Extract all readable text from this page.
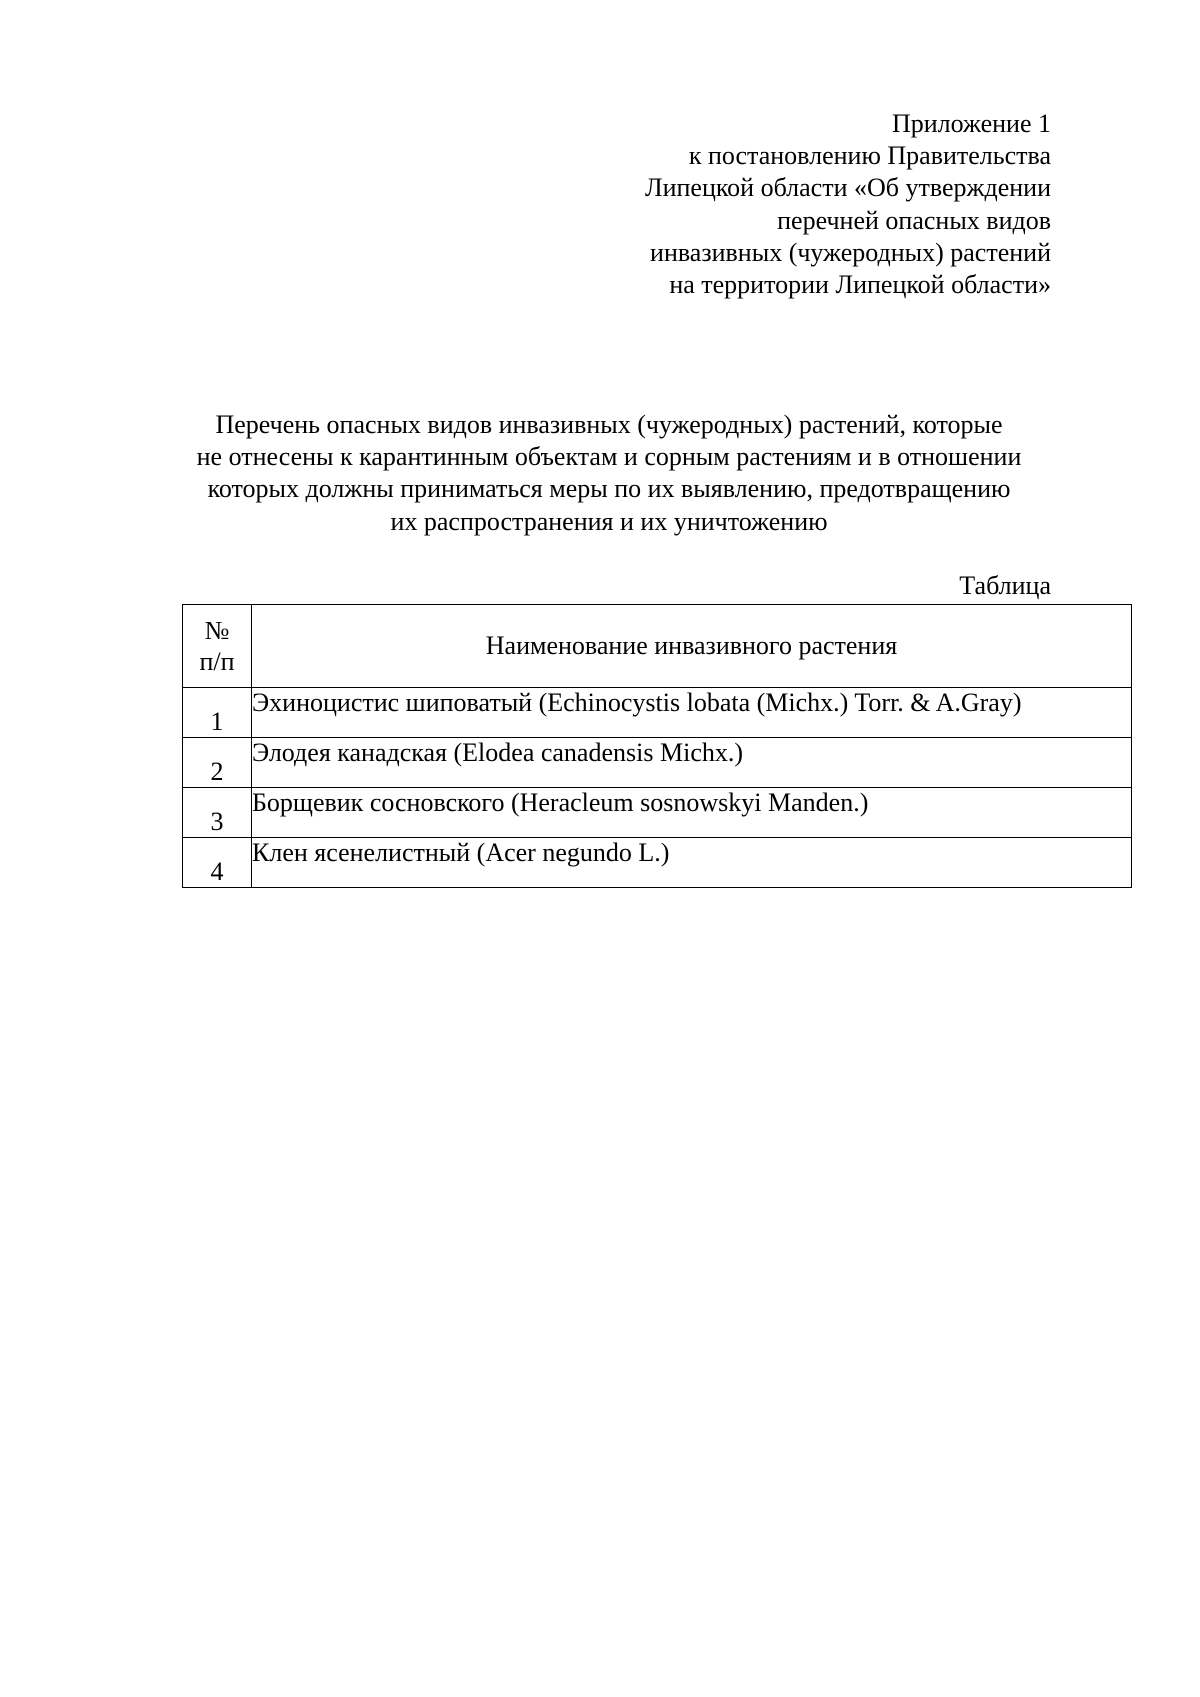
Приложение 1
к постановлению Правительства
Липецкой области «Об утверждении
перечней опасных видов
инвазивных (чужеродных) растений
на территории Липецкой области»
Перечень опасных видов инвазивных (чужеродных) растений, которые
не отнесены к карантинным объектам и сорным растениям и в отношении
которых должны приниматься меры по их выявлению, предотвращению
их распространения и их уничтожению
Таблица
№
п/п	Наименование инвазивного растения
1	Эхиноцистис шиповатый (Echinocystis lobata (Michx.) Torr. & A.Gray)
2	Элодея канадская (Elodea canadensis Michx.)
3	Борщевик сосновского (Heracleum sosnowskyi Manden.)
4	Клен ясенелистный (Acer negundo L.)
